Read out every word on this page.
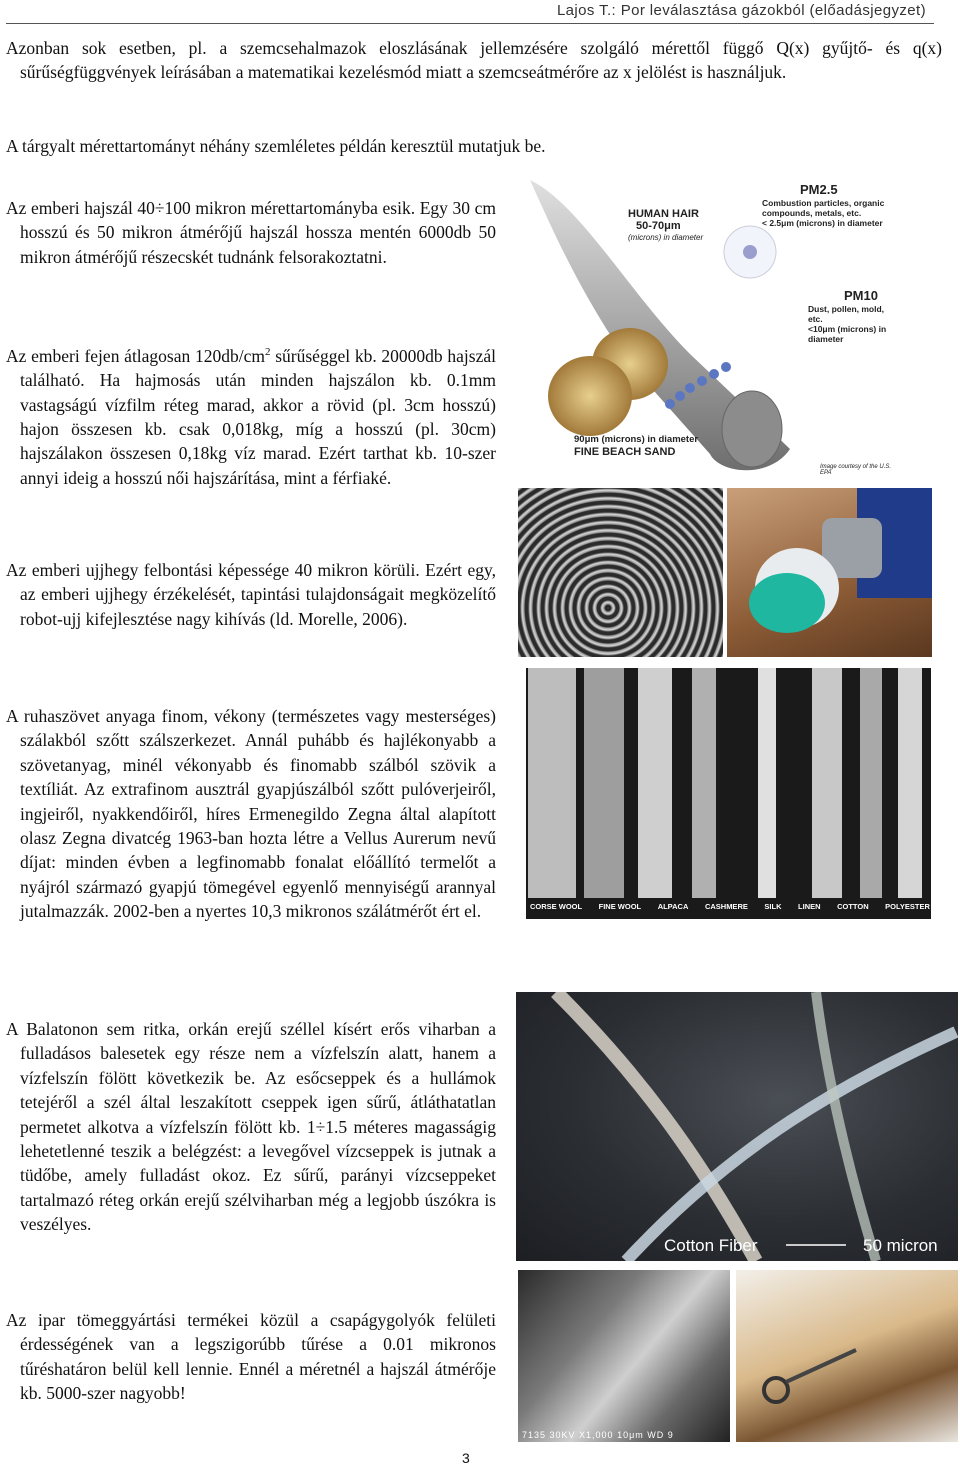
Lajos T.: Por leválasztása gázokból (előadásjegyzet)

Azonban sok esetben, pl. a szemcsehalmazok eloszlásának jellemzésére szolgáló mérettől függő Q(x) gyűjtő- és q(x) sűrűségfüggvények leírásában a matematikai kezelésmód miatt a szemcseátmérőre az x jelölést is használjuk.

A tárgyalt mérettartományt néhány szemléletes példán keresztül mutatjuk be.

Az emberi hajszál 40÷100 mikron mérettartományba esik. Egy 30 cm hosszú és 50 mikron átmérőjű hajszál hossza mentén 6000db 50 mikron átmérőjű részecskét tudnánk felsorakoztatni.

Az emberi fejen átlagosan $120db/cm^2$ sűrűséggel kb. 20000db hajszál található. Ha hajmosás után minden hajszálon kb. 0.1mm vastagságú vízfilm réteg marad, akkor a rövid (pl. 3cm hosszú) hajon összesen kb. csak 0,018kg, míg a hosszú (pl. 30cm) hajszálakon összesen 0,18kg víz marad. Ezért tarthat kb. 10-szer annyi ideig a hosszú női hajszárítása, mint a férfiaké.

Az emberi ujjhegy felbontási képessége 40 mikron körüli. Ezért egy, az emberi ujjhegy érzékelését, tapintási tulajdonságait megközelítő robot-ujj kifejlesztése nagy kihívás (ld. Morelle, 2006).

A ruhaszövet anyaga finom, vékony (természetes vagy mesterséges) szálakból szőtt szálszerkezet. Annál puhább és hajlékonyabb a szövetanyag, minél vékonyabb és finomabb szálból szövik a textíliát. Az extrafinom ausztrál gyapjúszálból szőtt pulóverjeiről, ingjeiről, nyakkendőiről, híres Ermenegildo Zegna által alapított olasz Zegna divatcég 1963-ban hozta létre a Vellus Aurerum nevű díjat: minden évben a legfinomabb fonalat előállító termelőt a nyájról származó gyapjú tömegével egyenlő mennyiségű arannyal jutalmazzák. 2002-ben a nyertes 10,3 mikronos szálátmérőt ért el.

A Balatonon sem ritka, orkán erejű széllel kísért erős viharban a fulladásos balesetek egy része nem a vízfelszín alatt, hanem a vízfelszín fölött következik be. Az esőcseppek és a hullámok tetejéről a szél által leszakított cseppek igen sűrű, átláthatatlan permetet alkotva a vízfelszín fölött kb. 1÷1.5 méteres magasságig lehetetlenné teszik a belégzést: a levegővel vízcseppek is jutnak a tüdőbe, amely fulladást okoz. Ez sűrű, parányi vízcseppeket tartalmazó réteg orkán erejű szélviharban még a legjobb úszókra is veszélyes.

Az ipar tömeggyártási termékei közül a csapágygolyók felületi érdességének van a legszigorúbb tűrése a 0.01 mikronos tűréshatáron belül kell lennie. Ennél a méretnél a hajszál átmérője kb. 5000-szer nagyobb!

HUMAN HAIR
50-70μm
(microns) in diameter
PM2.5
Combustion particles, organic
compounds, metals, etc.
< 2.5μm (microns) in diameter
PM10
Dust, pollen, mold, etc.
<10μm (microns) in diameter
90μm (microns) in diameter
FINE BEACH SAND
Image courtesy of the U.S. EPA
CORSE WOOL FINE WOOL ALPACA CASHMERE SILK LINEN COTTON POLYESTER
Cotton Fiber	50 micron
7135 30KV X1,000 10μm WD 9
3
